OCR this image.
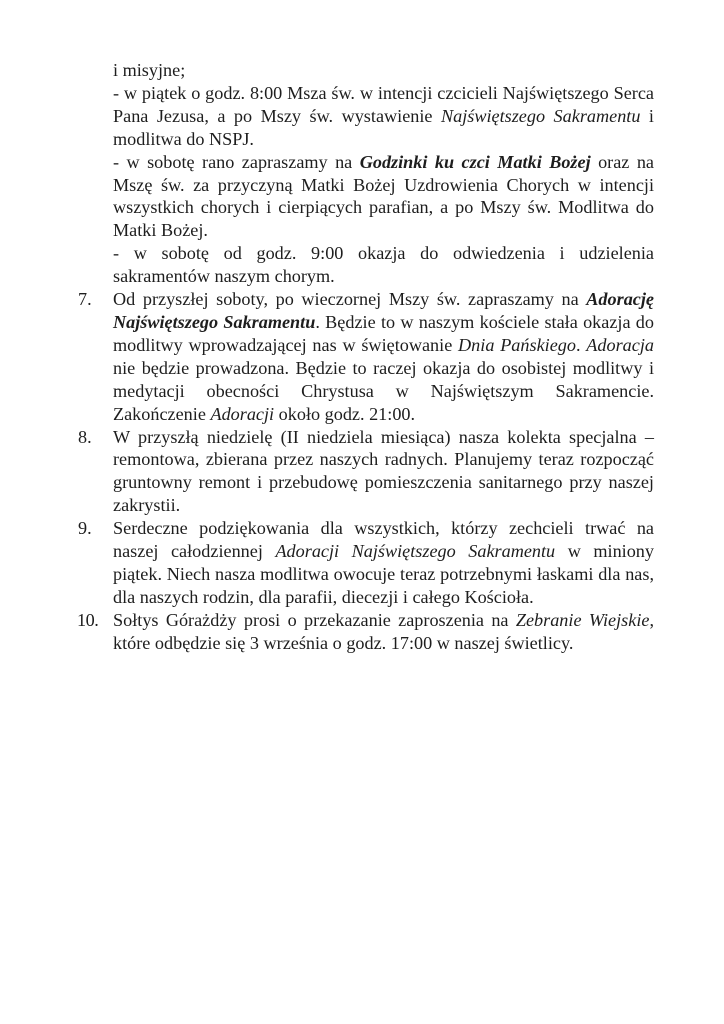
i misyjne;

- w piątek o godz. 8:00 Msza św. w intencji czcicieli Najświętszego Serca Pana Jezusa, a po Mszy św. wystawienie Najświętszego Sakramentu i modlitwa do NSPJ.

- w sobotę rano zapraszamy na Godzinki ku czci Matki Bożej oraz na Mszę św. za przyczyną Matki Bożej Uzdrowienia Chorych w intencji wszystkich chorych i cierpiących parafian, a po Mszy św. Modlitwa do Matki Bożej.

- w sobotę od godz. 9:00 okazja do odwiedzenia i udzielenia sakramentów naszym chorym.

7.	Od przyszłej soboty, po wieczornej Mszy św. zapraszamy na Adorację Najświętszego Sakramentu. Będzie to w naszym kościele stała okazja do modlitwy wprowadzającej nas w świętowanie Dnia Pańskiego. Adoracja nie będzie prowadzona. Będzie to raczej okazja do osobistej modlitwy i medytacji obecności Chrystusa w Najświętszym Sakramencie. Zakończenie Adoracji około godz. 21:00.
8.	W przyszłą niedzielę (II niedziela miesiąca) nasza kolekta specjalna – remontowa, zbierana przez naszych radnych. Planujemy teraz rozpocząć gruntowny remont i przebudowę pomieszczenia sanitarnego przy naszej zakrystii.
9.	Serdeczne podziękowania dla wszystkich, którzy zechcieli trwać na naszej całodziennej Adoracji Najświętszego Sakramentu w miniony piątek. Niech nasza modlitwa owocuje teraz potrzebnymi łaskami dla nas, dla naszych rodzin, dla parafii, diecezji i całego Kościoła.
10. Sołtys Górażdży prosi o przekazanie zaproszenia na Zebranie Wiejskie, które odbędzie się 3 września o godz. 17:00 w naszej świetlicy.
